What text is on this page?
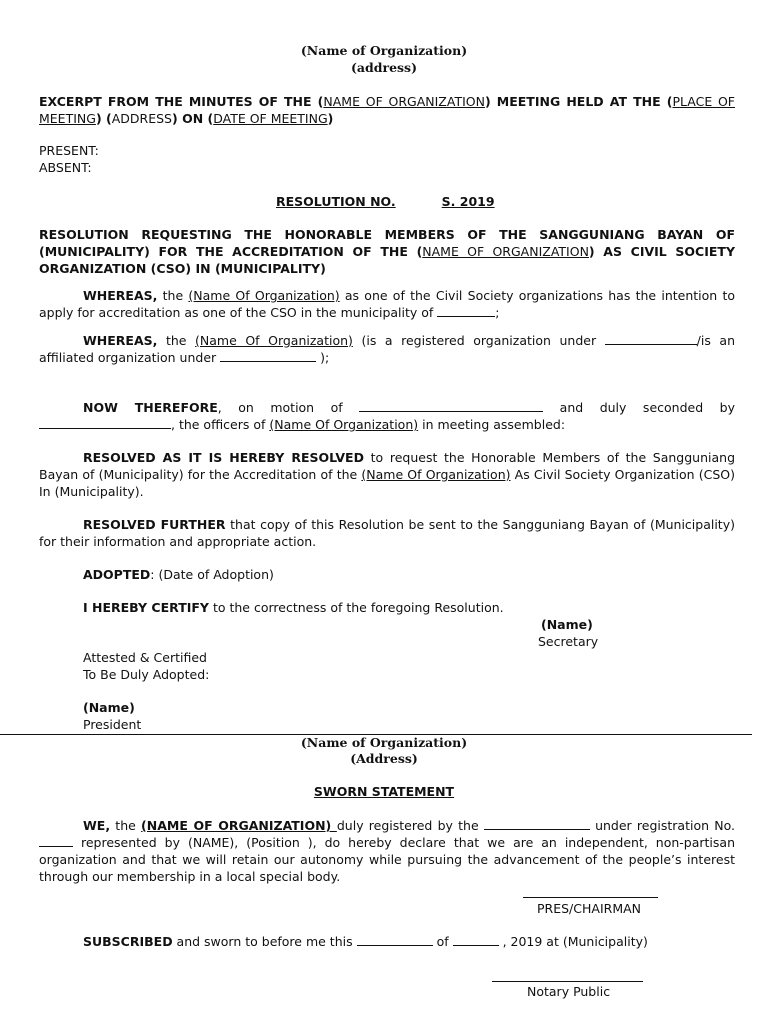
(Name of Organization)
(address)
EXCERPT FROM THE MINUTES OF THE (NAME OF ORGANIZATION) MEETING HELD AT THE (PLACE OF MEETING) (ADDRESS) ON (DATE OF MEETING)
PRESENT:
ABSENT:
RESOLUTION NO.	S. 2019
RESOLUTION REQUESTING THE HONORABLE MEMBERS OF THE SANGGUNIANG BAYAN OF (MUNICIPALITY) FOR THE ACCREDITATION OF THE (NAME OF ORGANIZATION) AS CIVIL SOCIETY ORGANIZATION (CSO) IN (MUNICIPALITY)
WHEREAS, the (Name Of Organization) as one of the Civil Society organizations has the intention to apply for accreditation as one of the CSO in the municipality of	;
WHEREAS, the (Name Of Organization) (is a registered organization under	/is an affiliated organization under	);
NOW THEREFORE, on motion of	and duly seconded by , the officers of (Name Of Organization) in meeting assembled:
RESOLVED AS IT IS HEREBY RESOLVED to request the Honorable Members of the Sangguniang Bayan of (Municipality) for the Accreditation of the (Name Of Organization) As Civil Society Organization (CSO) In (Municipality).
RESOLVED FURTHER that copy of this Resolution be sent to the Sangguniang Bayan of (Municipality) for their information and appropriate action.
ADOPTED: (Date of Adoption)
I HEREBY CERTIFY to the correctness of the foregoing Resolution.
(Name)
Secretary
Attested & Certified
To Be Duly Adopted:
(Name)
President
(Name of Organization)
(Address)
SWORN STATEMENT
WE, the (NAME OF ORGANIZATION) duly registered by the	under registration No.  represented by (NAME), (Position ), do hereby declare that we are an independent, non-partisan organization and that we will retain our autonomy while pursuing the advancement of the people’s interest through our membership in a local special body.
PRES/CHAIRMAN
SUBSCRIBED and sworn to before me this	of	, 2019 at (Municipality)
Notary Public
